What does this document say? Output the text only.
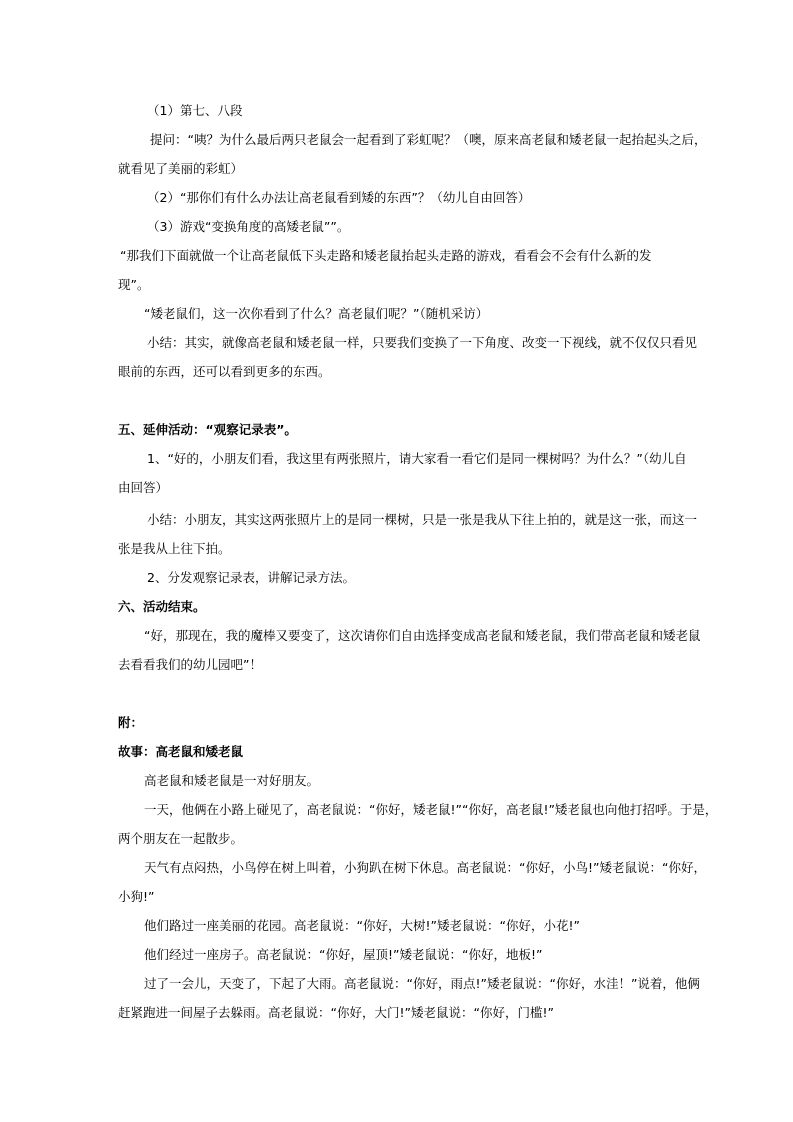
（1）第七、八段
提问：“咦？为什么最后两只老鼠会一起看到了彩虹呢？（噢，原来高老鼠和矮老鼠一起抬起头之后，
就看见了美丽的彩虹）
（2）“那你们有什么办法让高老鼠看到矮的东西”？（幼儿自由回答）
（3）游戏“变换角度的高矮老鼠””。
“那我们下面就做一个让高老鼠低下头走路和矮老鼠抬起头走路的游戏，看看会不会有什么新的发
现”。
“矮老鼠们，这一次你看到了什么？高老鼠们呢？”（随机采访）
小结：其实，就像高老鼠和矮老鼠一样，只要我们变换了一下角度、改变一下视线，就不仅仅只看见
眼前的东西，还可以看到更多的东西。
五、延伸活动：“观察记录表”。
1、“好的，小朋友们看，我这里有两张照片，请大家看一看它们是同一棵树吗？为什么？”（幼儿自
由回答）
小结：小朋友，其实这两张照片上的是同一棵树，只是一张是我从下往上拍的，就是这一张，而这一
张是我从上往下拍。
2、分发观察记录表，讲解记录方法。
六、活动结束。
“好，那现在，我的魔棒又要变了，这次请你们自由选择变成高老鼠和矮老鼠，我们带高老鼠和矮老鼠
去看看我们的幼儿园吧”！
附：
故事：高老鼠和矮老鼠
高老鼠和矮老鼠是一对好朋友。
一天，他俩在小路上碰见了，高老鼠说：“你好，矮老鼠!”“你好，高老鼠!”矮老鼠也向他打招呼。于是，
两个朋友在一起散步。
天气有点闷热，小鸟停在树上叫着，小狗趴在树下休息。高老鼠说：“你好，小鸟!”矮老鼠说：“你好，
小狗!”
他们路过一座美丽的花园。高老鼠说：“你好，大树!”矮老鼠说：“你好，小花!”
他们经过一座房子。高老鼠说：“你好，屋顶!”矮老鼠说：“你好，地板!”
过了一会儿，天变了，下起了大雨。高老鼠说：“你好，雨点!”矮老鼠说：“你好，水洼！”说着，他俩
赶紧跑进一间屋子去躲雨。高老鼠说：“你好，大门!”矮老鼠说：“你好，门槛!”
